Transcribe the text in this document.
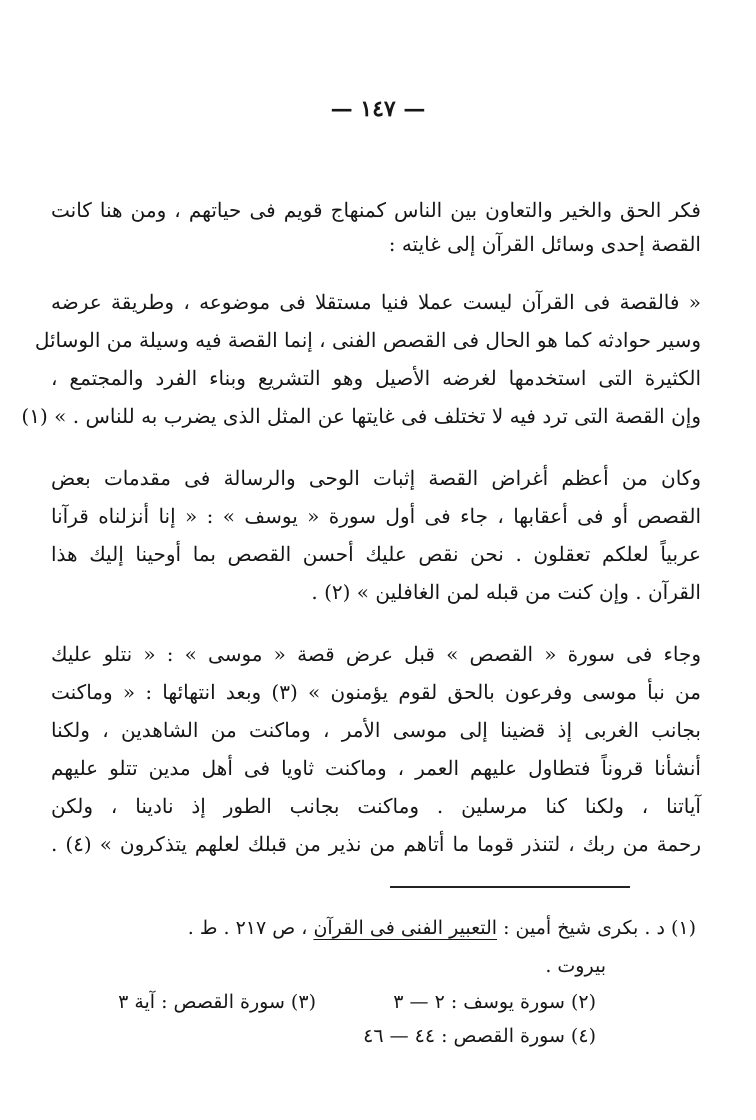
— ١٤٧ —
فكر الحق والخير والتعاون بين الناس كمنهاج قويم فى حياتهم ، ومن هنا كانت
القصة إحدى وسائل القرآن إلى غايته :
« فالقصة فى القرآن ليست عملا فنيا مستقلا فى موضوعه ، وطريقة عرضه
وسير حوادثه كما هو الحال فى القصص الفنى ، إنما القصة فيه وسيلة من الوسائل
الكثيرة التى استخدمها لغرضه الأصيل وهو التشريع وبناء الفرد والمجتمع ،
وإن القصة التى ترد فيه لا تختلف فى غايتها عن المثل الذى يضرب به للناس . » (١)
وكان من أعظم أغراض القصة إثبات الوحى والرسالة فى مقدمات بعض
القصص أو فى أعقابها ، جاء فى أول سورة « يوسف » : « إنا أنزلناه قرآنا
عربياً لعلكم تعقلون . نحن نقص عليك أحسن القصص بما أوحينا إليك هذا
القرآن . وإن كنت من قبله لمن الغافلين » (٢) .
وجاء فى سورة « القصص » قبل عرض قصة « موسى » : « نتلو عليك
من نبأ موسى وفرعون بالحق لقوم يؤمنون » (٣) وبعد انتهائها : « وماكنت
بجانب الغربى إذ قضينا إلى موسى الأمر ، وماكنت من الشاهدين ، ولكنا
أنشأنا قروناً فتطاول عليهم العمر ، وماكنت ثاويا فى أهل مدين تتلو عليهم
آياتنا ، ولكنا كنا مرسلين . وماكنت بجانب الطور إذ نادينا ، ولكن
رحمة من ربك ، لتنذر قوما ما أتاهم من نذير من قبلك لعلهم يتذكرون » (٤) .
(١) د . بكرى شيخ أمين : التعبير الفنى فى القرآن ، ص ٢١٧ . ط .
بيروت .
(٢) سورة يوسف : ٢ — ٣
(٣) سورة القصص : آية ٣
(٤) سورة القصص : ٤٤ — ٤٦
